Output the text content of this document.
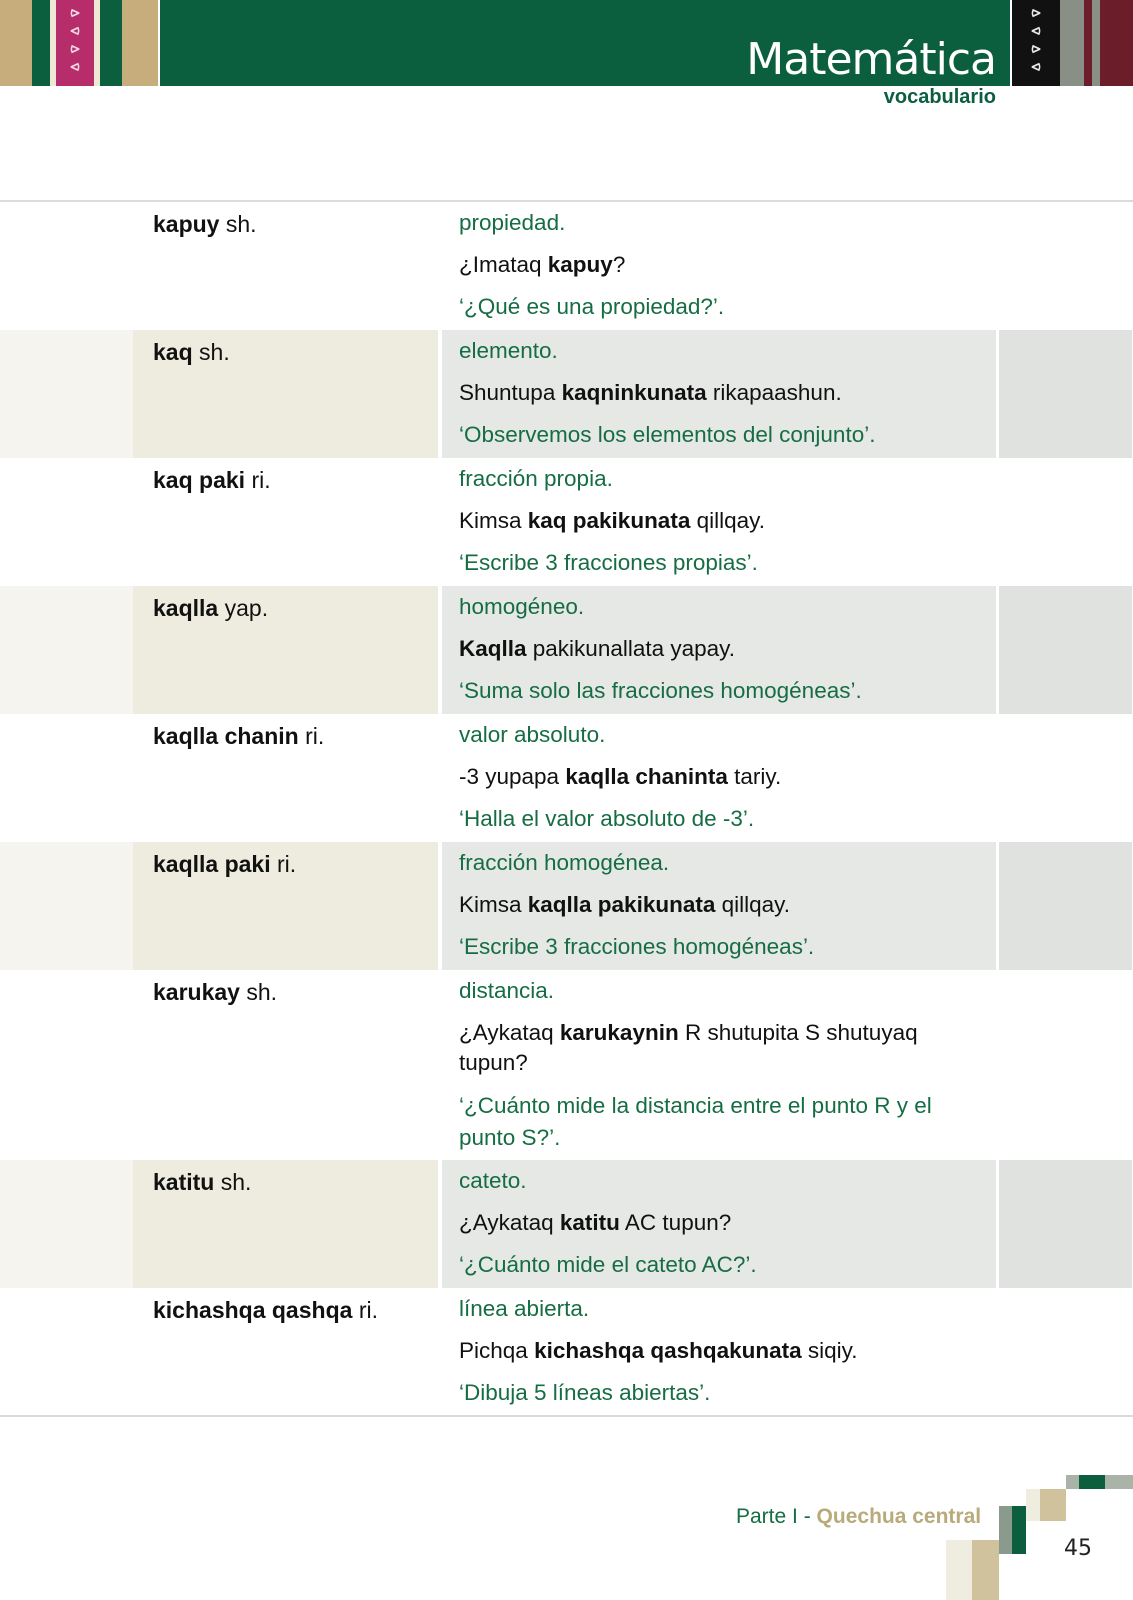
⪧
⪦
⪧
⪦	Matemática
⪧
⪦
⪧
⪦
vocabulario
kapuy sh.	propiedad.
¿Imataq kapuy?
‘¿Qué es una propiedad?’.
kaq sh.	elemento.
Shuntupa kaqninkunata rikapaashun.
‘Observemos los elementos del conjunto’.
kaq paki ri.	fracción propia.
Kimsa kaq pakikunata qillqay.
‘Escribe 3 fracciones propias’.
kaqlla yap.	homogéneo.
Kaqlla pakikunallata yapay.
‘Suma solo las fracciones homogéneas’.
kaqlla chanin ri.	valor absoluto.
-3 yupapa kaqlla chaninta tariy.
‘Halla el valor absoluto de -3’.
kaqlla paki ri.	fracción homogénea.
Kimsa kaqlla pakikunata qillqay.
‘Escribe 3 fracciones homogéneas’.
karukay sh.	distancia.
¿Aykataq karukaynin R shutupita S shutuyaq tupun?
‘¿Cuánto mide la distancia entre el punto R y el punto S?’.
katitu sh.	cateto.
¿Aykataq katitu AC tupun?
‘¿Cuánto mide el cateto AC?’.
kichashqa qashqa ri.	línea abierta.
Pichqa kichashqa qashqakunata siqiy.
‘Dibuja 5 líneas abiertas’.
Parte I - Quechua central
45
